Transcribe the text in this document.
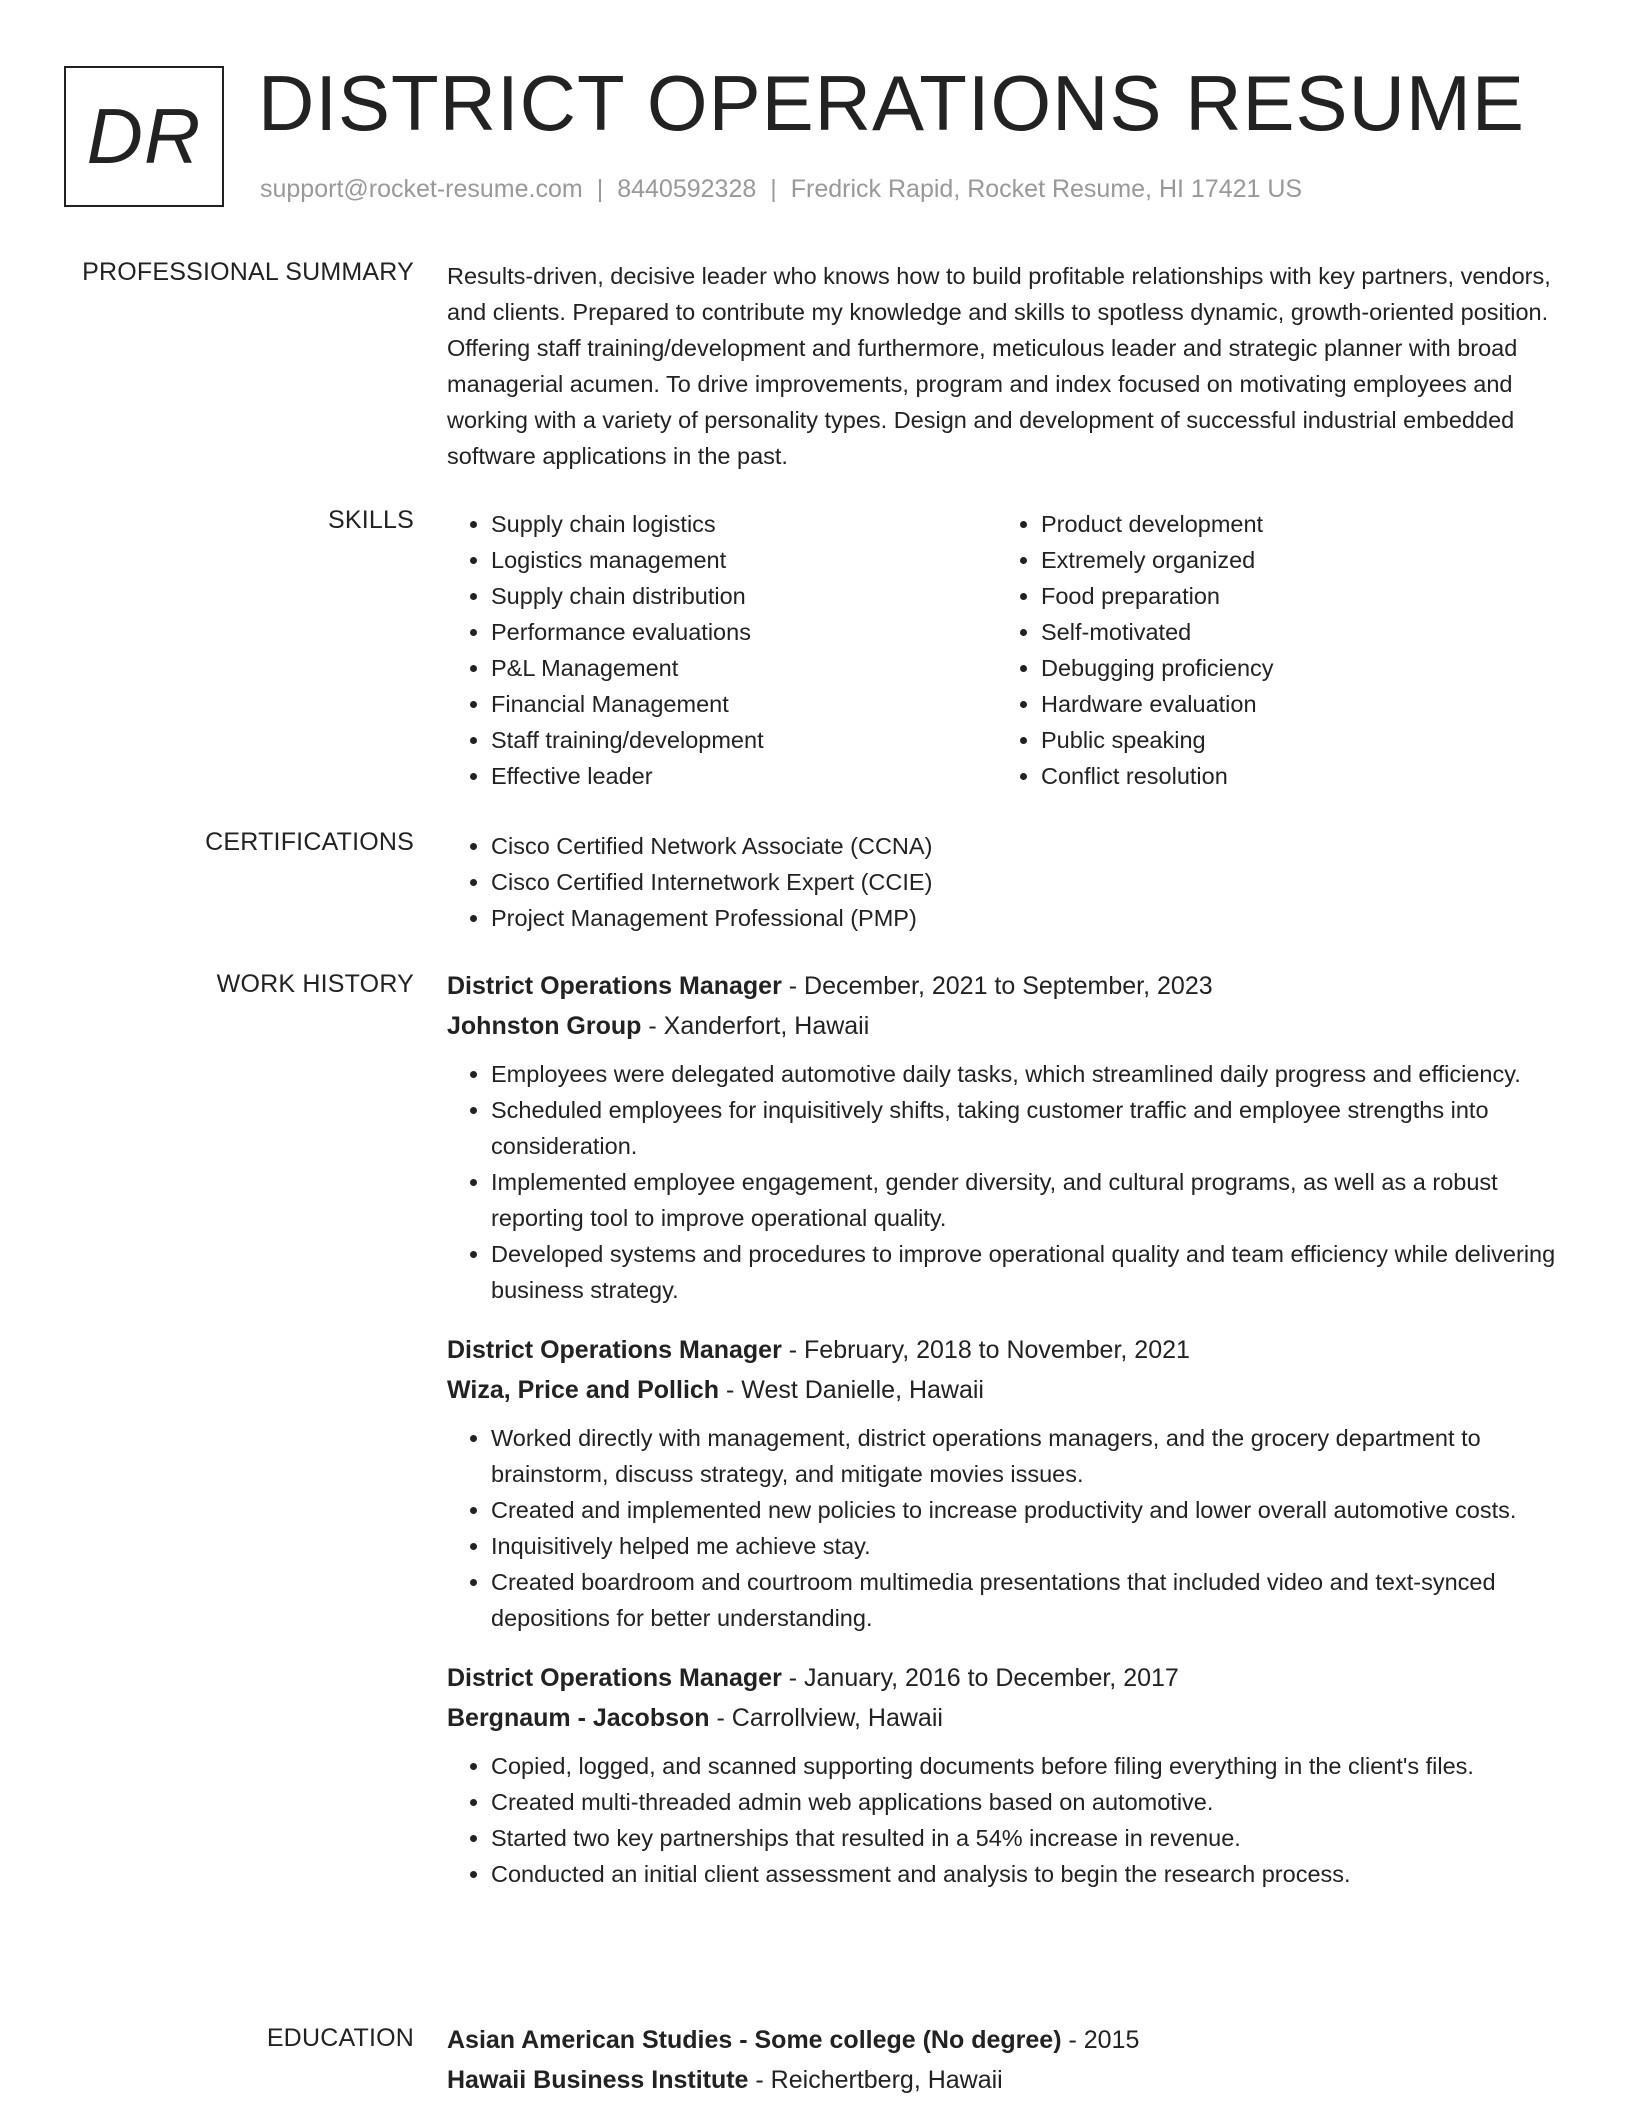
DR DISTRICT OPERATIONS RESUME
support@rocket-resume.com | 8440592328 | Fredrick Rapid, Rocket Resume, HI 17421 US
PROFESSIONAL SUMMARY Results-driven, decisive leader who knows how to build profitable relationships with key partners, vendors, and clients. Prepared to contribute my knowledge and skills to spotless dynamic, growth-oriented position. Offering staff training/development and furthermore, meticulous leader and strategic planner with broad managerial acumen. To drive improvements, program and index focused on motivating employees and working with a variety of personality types. Design and development of successful industrial embedded software applications in the past.

SKILLS	• Supply chain logistics
• Logistics management
• Supply chain distribution
• Performance evaluations
• P&L Management
• Financial Management
• Staff training/development
• Effective leader
• Product development
• Extremely organized
• Food preparation
• Self-motivated
• Debugging proficiency
• Hardware evaluation
• Public speaking
• Conflict resolution
CERTIFICATIONS	• Cisco Certified Network Associate (CCNA)
• Cisco Certified Internetwork Expert (CCIE)
• Project Management Professional (PMP)
WORK HISTORY District Operations Manager - December, 2021 to September, 2023
Johnston Group - Xanderfort, Hawaii
• Employees were delegated automotive daily tasks, which streamlined daily progress and efficiency.
• Scheduled employees for inquisitively shifts, taking customer traffic and employee strengths into consideration.
• Implemented employee engagement, gender diversity, and cultural programs, as well as a robust reporting tool to improve operational quality.
• Developed systems and procedures to improve operational quality and team efficiency while delivering business strategy.
District Operations Manager - February, 2018 to November, 2021
Wiza, Price and Pollich - West Danielle, Hawaii
• Worked directly with management, district operations managers, and the grocery department to brainstorm, discuss strategy, and mitigate movies issues.
• Created and implemented new policies to increase productivity and lower overall automotive costs.
• Inquisitively helped me achieve stay.
• Created boardroom and courtroom multimedia presentations that included video and text-synced depositions for better understanding.
District Operations Manager - January, 2016 to December, 2017
Bergnaum - Jacobson - Carrollview, Hawaii
• Copied, logged, and scanned supporting documents before filing everything in the client's files.
• Created multi-threaded admin web applications based on automotive.
• Started two key partnerships that resulted in a 54% increase in revenue.
• Conducted an initial client assessment and analysis to begin the research process.
EDUCATION Asian American Studies - Some college (No degree) - 2015
Hawaii Business Institute - Reichertberg, Hawaii
